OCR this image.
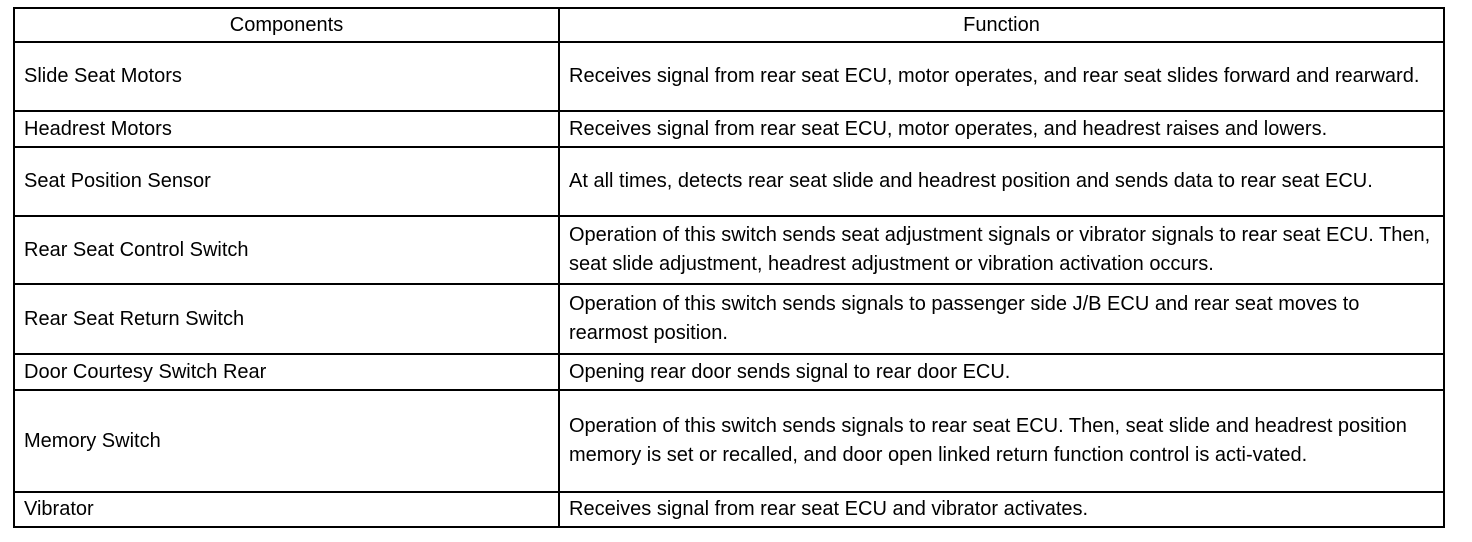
Components	Function
Slide Seat Motors	Receives signal from rear seat ECU, motor operates, and rear seat slides forward and rearward.
Headrest Motors	Receives signal from rear seat ECU, motor operates, and headrest raises and lowers.
Seat Position Sensor	At all times, detects rear seat slide and headrest position and sends data to rear seat ECU.
Rear Seat Control Switch	Operation of this switch sends seat adjustment signals or vibrator signals to rear seat ECU. Then, seat slide adjustment, headrest adjustment or vibration activation occurs.
Rear Seat Return Switch	Operation of this switch sends signals to passenger side J/B ECU and rear seat moves to rearmost position.
Door Courtesy Switch Rear	Opening rear door sends signal to rear door ECU.
Memory Switch	Operation of this switch sends signals to rear seat ECU. Then, seat slide and headrest position memory is set or recalled, and door open linked return function control is acti-vated.
Vibrator	Receives signal from rear seat ECU and vibrator activates.
